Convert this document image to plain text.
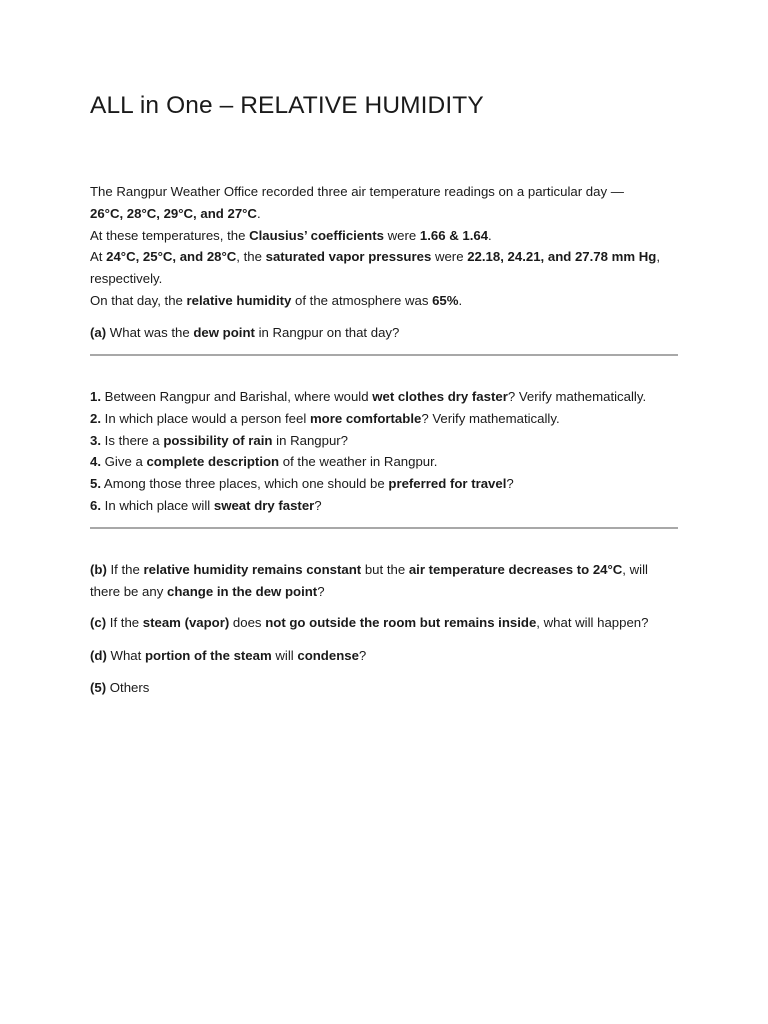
ALL in One – RELATIVE HUMIDITY
The Rangpur Weather Office recorded three air temperature readings on a particular day —
26°C, 28°C, 29°C, and 27°C.
At these temperatures, the Clausius’ coefficients were 1.66 & 1.64.
At 24°C, 25°C, and 28°C, the saturated vapor pressures were 22.18, 24.21, and 27.78 mm Hg,
respectively.
On that day, the relative humidity of the atmosphere was 65%.
(a) What was the dew point in Rangpur on that day?
1. Between Rangpur and Barishal, where would wet clothes dry faster? Verify mathematically.
2. In which place would a person feel more comfortable? Verify mathematically.
3. Is there a possibility of rain in Rangpur?
4. Give a complete description of the weather in Rangpur.
5. Among those three places, which one should be preferred for travel?
6. In which place will sweat dry faster?
(b) If the relative humidity remains constant but the air temperature decreases to 24°C, will
there be any change in the dew point?
(c) If the steam (vapor) does not go outside the room but remains inside, what will happen?
(d) What portion of the steam will condense?
(5) Others
